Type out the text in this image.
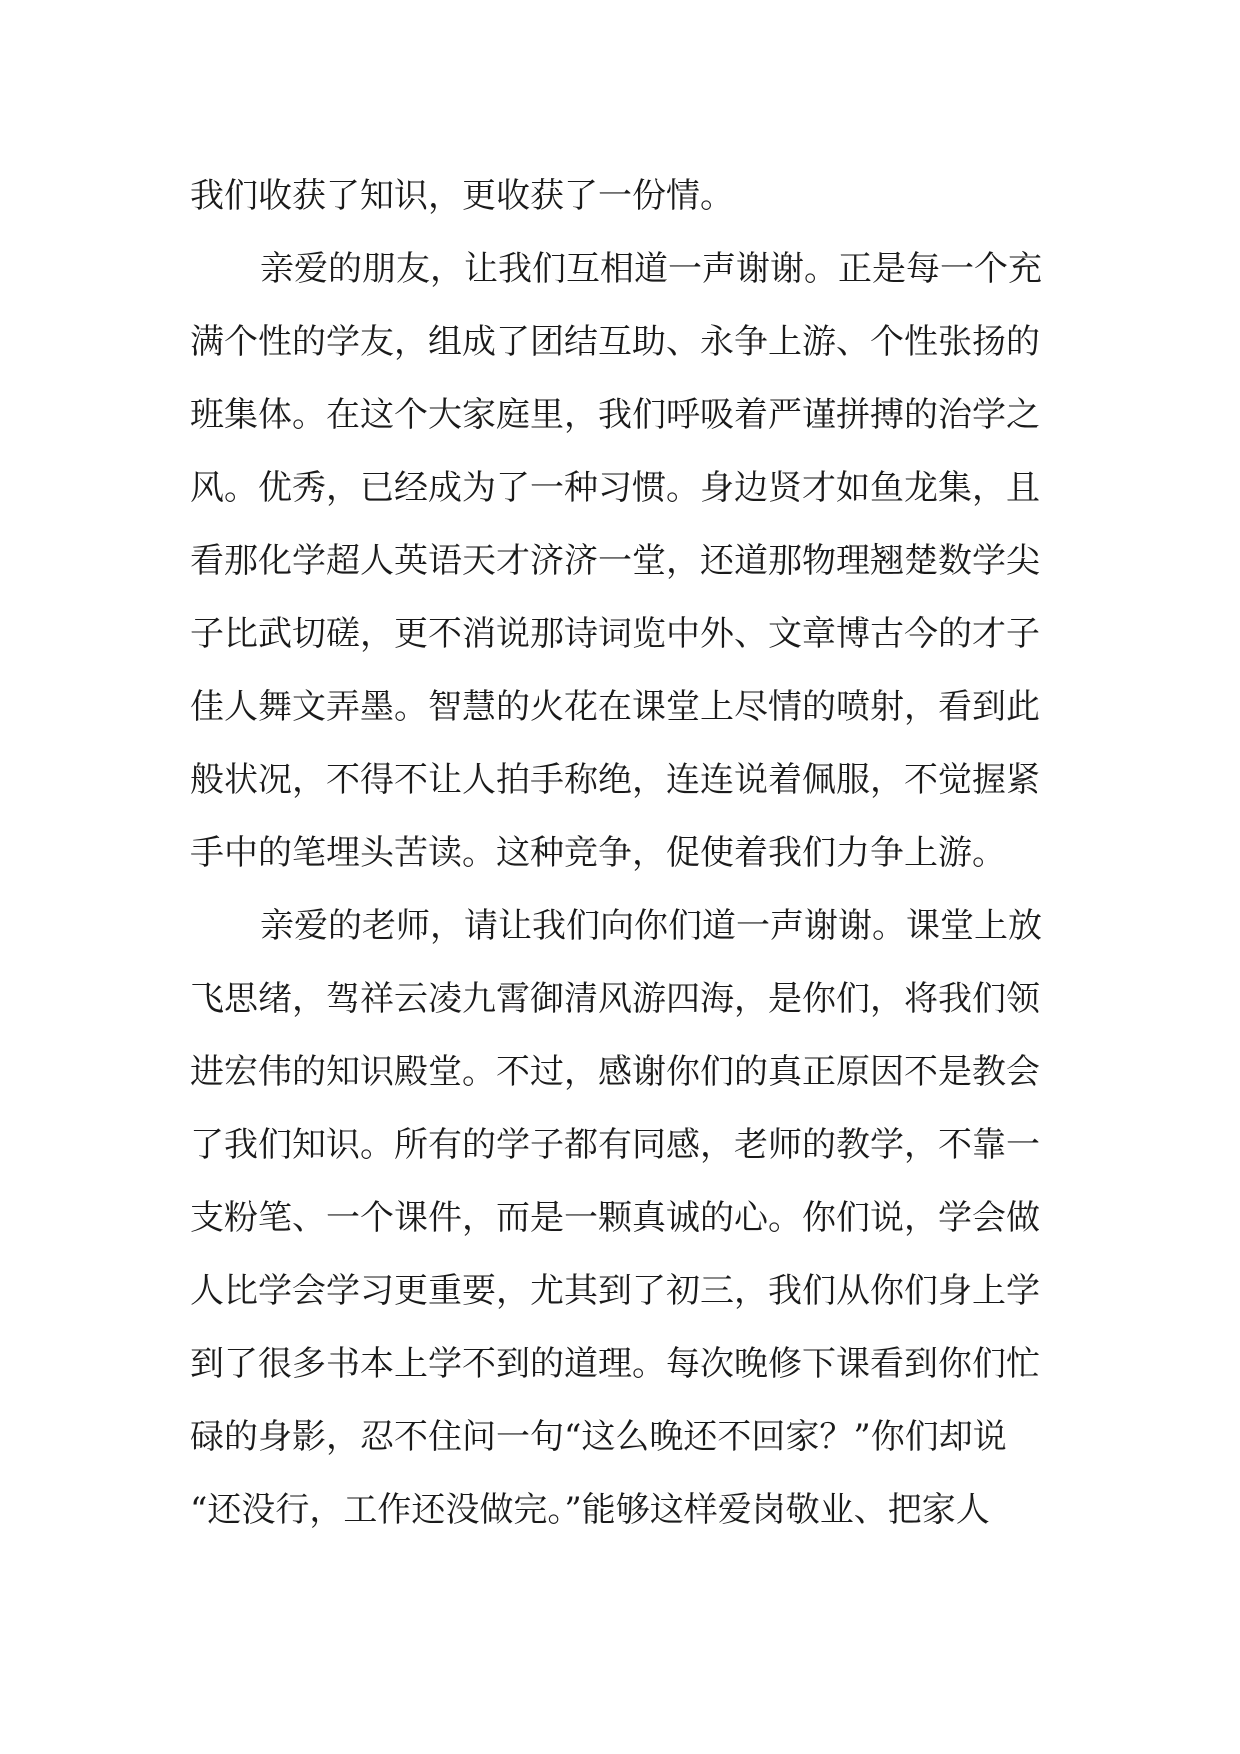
我们收获了知识，更收获了一份情。
亲爱的朋友，让我们互相道一声谢谢。正是每一个充
满个性的学友，组成了团结互助、永争上游、个性张扬的
班集体。在这个大家庭里，我们呼吸着严谨拼搏的治学之
风。优秀，已经成为了一种习惯。身边贤才如鱼龙集，且
看那化学超人英语天才济济一堂，还道那物理翘楚数学尖
子比武切磋，更不消说那诗词览中外、文章博古今的才子
佳人舞文弄墨。智慧的火花在课堂上尽情的喷射，看到此
般状况，不得不让人拍手称绝，连连说着佩服，不觉握紧
手中的笔埋头苦读。这种竞争，促使着我们力争上游。
亲爱的老师，请让我们向你们道一声谢谢。课堂上放
飞思绪，驾祥云凌九霄御清风游四海，是你们，将我们领
进宏伟的知识殿堂。不过，感谢你们的真正原因不是教会
了我们知识。所有的学子都有同感，老师的教学，不靠一
支粉笔、一个课件，而是一颗真诚的心。你们说，学会做
人比学会学习更重要，尤其到了初三，我们从你们身上学
到了很多书本上学不到的道理。每次晚修下课看到你们忙
碌的身影，忍不住问一句“这么晚还不回家？”你们却说
“还没行，工作还没做完。”能够这样爱岗敬业、把家人
